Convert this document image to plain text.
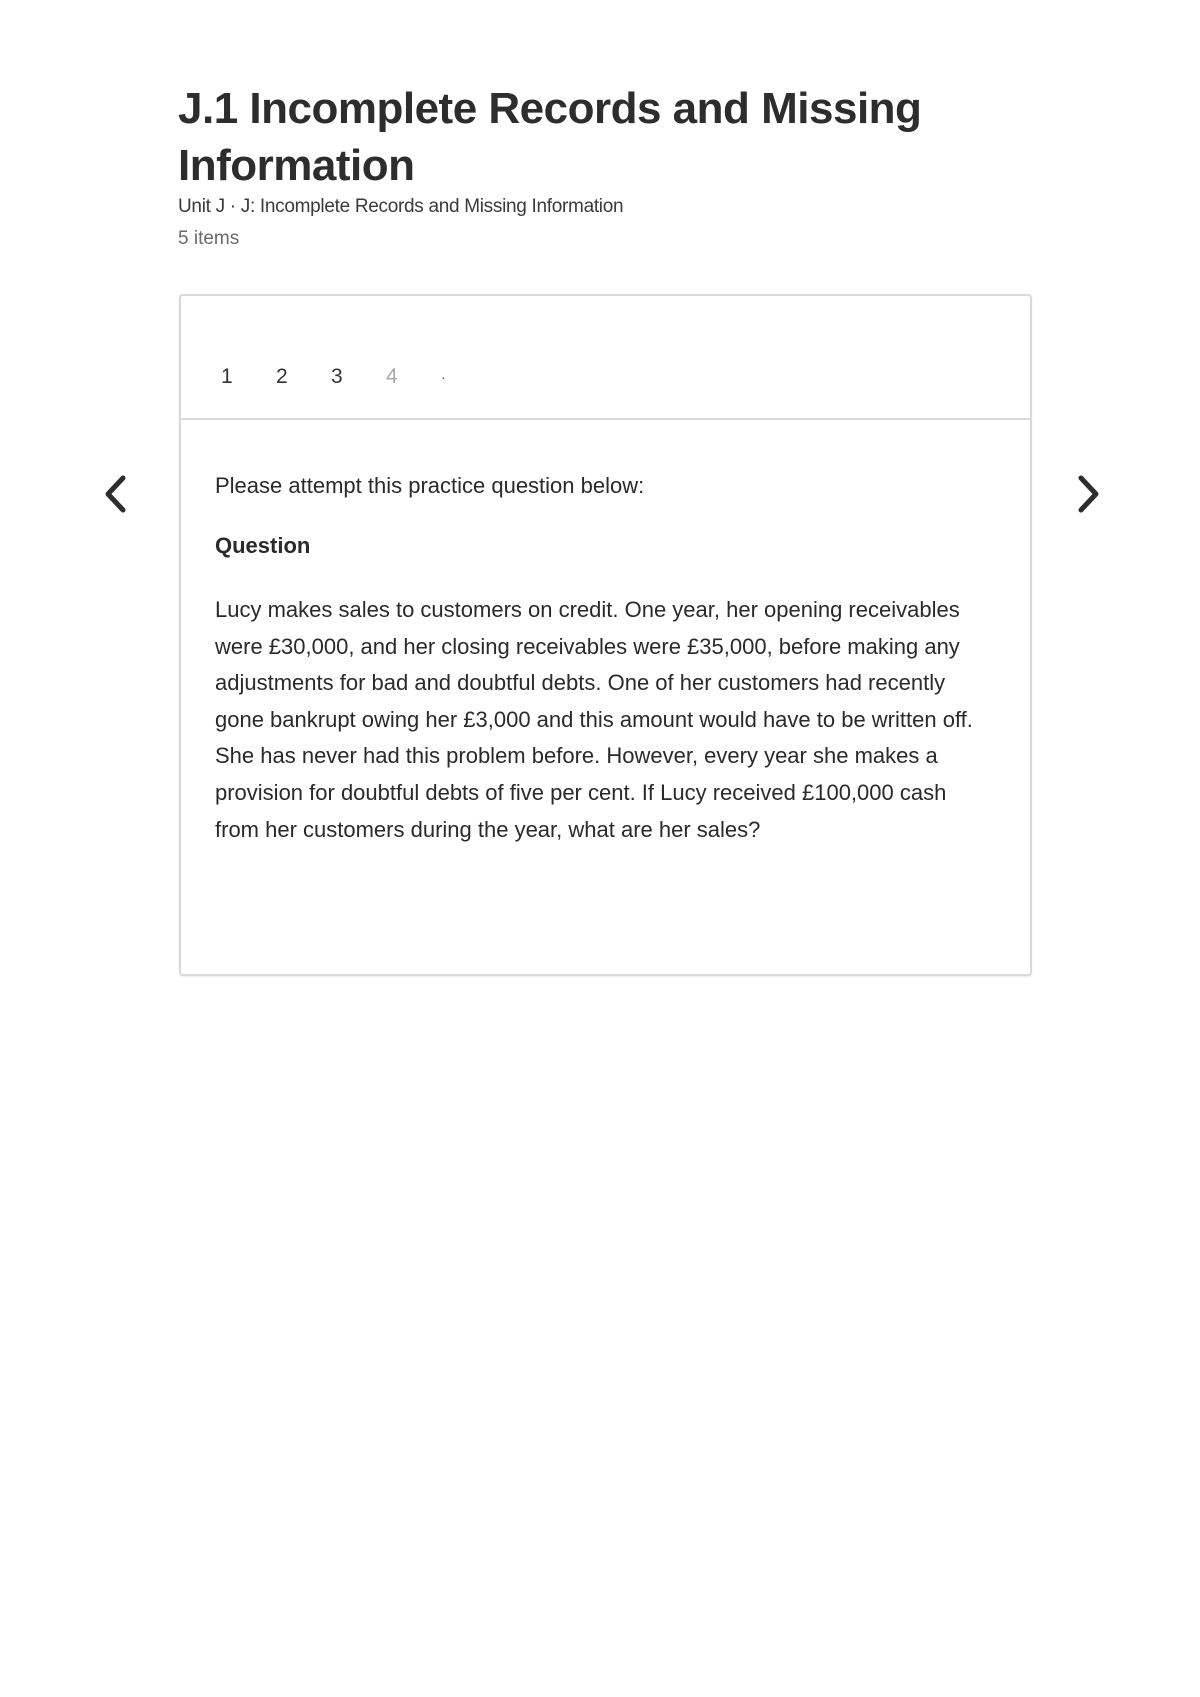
J.1 Incomplete Records and Missing Information
Unit J · J: Incomplete Records and Missing Information
5 items
1	2	3	4	·

Please attempt this practice question below:

Question

Lucy makes sales to customers on credit. One year, her opening receivables were £30,000, and her closing receivables were £35,000, before making any adjustments for bad and doubtful debts. One of her customers had recently gone bankrupt owing her £3,000 and this amount would have to be written off. She has never had this problem before. However, every year she makes a provision for doubtful debts of five per cent. If Lucy received £100,000 cash from her customers during the year, what are her sales?
